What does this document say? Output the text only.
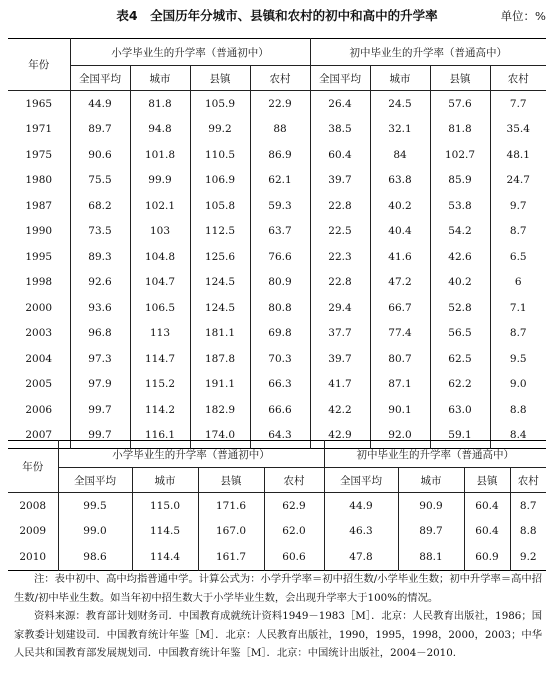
表4　全国历年分城市、县镇和农村的初中和高中的升学率	单位：%
年份	小学毕业生的升学率（普通初中）				初中毕业生的升学率（普通高中）			
	全国平均	城市	县镇	农村	全国平均	城市	县镇	农村
1965	44.9	81.8	105.9	22.9	26.4	24.5	57.6	7.7
1971	89.7	94.8	99.2	88	38.5	32.1	81.8	35.4
1975	90.6	101.8	110.5	86.9	60.4	84	102.7	48.1
1980	75.5	99.9	106.9	62.1	39.7	63.8	85.9	24.7
1987	68.2	102.1	105.8	59.3	22.8	40.2	53.8	9.7
1990	73.5	103	112.5	63.7	22.5	40.4	54.2	8.7
1995	89.3	104.8	125.6	76.6	22.3	41.6	42.6	6.5
1998	92.6	104.7	124.5	80.9	22.8	47.2	40.2	6
2000	93.6	106.5	124.5	80.8	29.4	66.7	52.8	7.1
2003	96.8	113	181.1	69.8	37.7	77.4	56.5	8.7
2004	97.3	114.7	187.8	70.3	39.7	80.7	62.5	9.5
2005	97.9	115.2	191.1	66.3	41.7	87.1	62.2	9.0
2006	99.7	114.2	182.9	66.6	42.2	90.1	63.0	8.8
2007	99.7	116.1	174.0	64.3	42.9	92.0	59.1	8.4
年份	小学毕业生的升学率（普通初中）				初中毕业生的升学率（普通高中）			
	全国平均	城市	县镇	农村	全国平均	城市	县镇	农村
2008	99.5	115.0	171.6	62.9	44.9	90.9	60.4	8.7
2009	99.0	114.5	167.0	62.0	46.3	89.7	60.4	8.8
2010	98.6	114.4	161.7	60.6	47.8	88.1	60.9	9.2

注：表中初中、高中均指普通中学。计算公式为：小学升学率＝初中招生数/小学毕业生数；初中升学率＝高中招生数/初中毕业生数。如当年初中招生数大于小学毕业生数，会出现升学率大于100%的情况。

资料来源：教育部计划财务司．中国教育成就统计资料1949－1983［M］．北京：人民教育出版社，1986；国家教委计划建设司．中国教育统计年鉴［M］．北京：人民教育出版社，1990，1995，1998，2000，2003；中华人民共和国教育部发展规划司．中国教育统计年鉴［M］．北京：中国统计出版社，2004－2010.
